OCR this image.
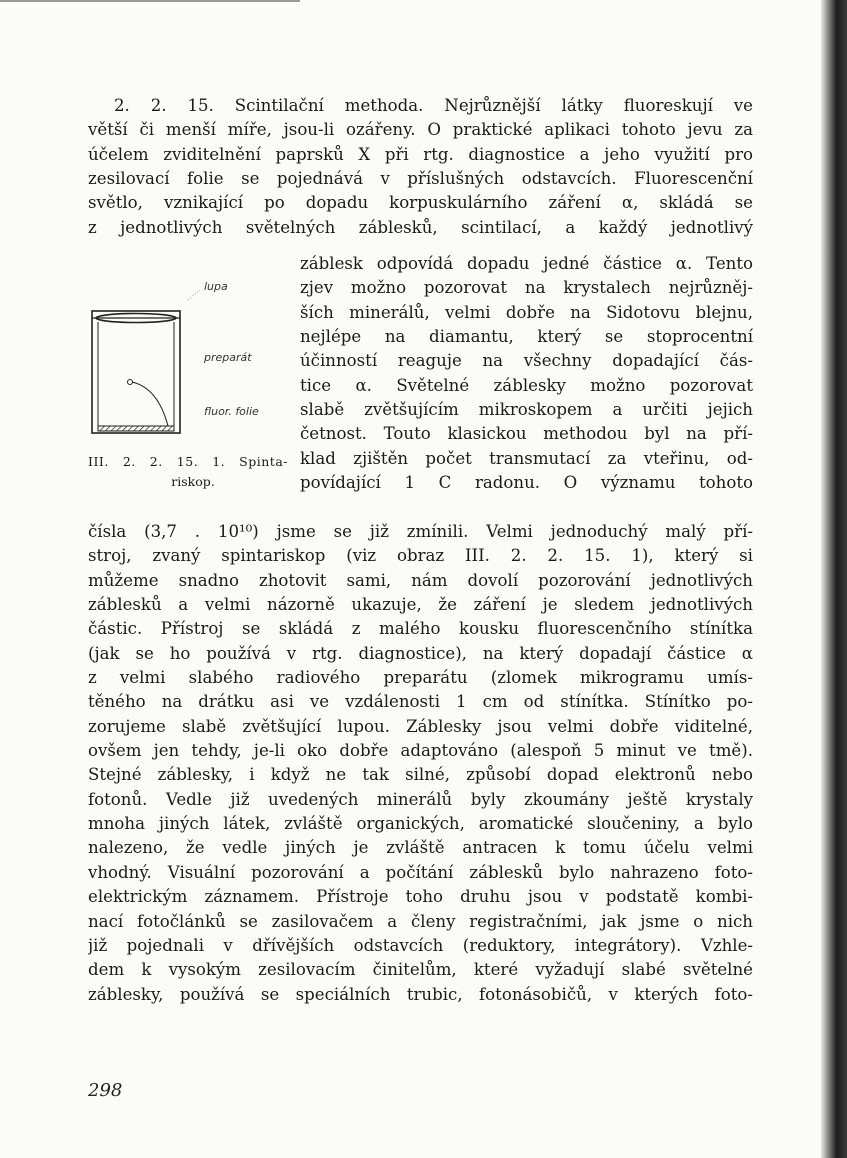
2. 2. 15. Scintilační methoda. Nejrůznější látky fluoreskují ve
větší či menší míře, jsou-li ozářeny. O praktické aplikaci tohoto jevu za
účelem zviditelnění paprsků X při rtg. diagnostice a jeho využití pro
zesilovací folie se pojednává v příslušných odstavcích. Fluorescenční
světlo, vznikající po dopadu korpuskulárního záření α, skládá se
z jednotlivých světelných záblesků, scintilací, a každý jednotlivý
záblesk odpovídá dopadu jedné částice α. Tento
zjev možno pozorovat na krystalech nejrůzněj-
ších minerálů, velmi dobře na Sidotovu blejnu,
nejlépe na diamantu, který se stoprocentní
účinností reaguje na všechny dopadající čás-
tice α. Světelné záblesky možno pozorovat
slabě zvětšujícím mikroskopem a určiti jejich
četnost. Touto klasickou methodou byl na pří-
klad zjištěn počet transmutací za vteřinu, od-
povídající 1 C radonu. O významu tohoto
lupa
preparát
fluor. folie
III. 2. 2. 15. 1. Spinta-
riskop.
čísla (3,7 . 10¹⁰) jsme se již zmínili. Velmi jednoduchý malý pří-
stroj, zvaný spintariskop (viz obraz III. 2. 2. 15. 1), který si
můžeme snadno zhotovit sami, nám dovolí pozorování jednotlivých
záblesků a velmi názorně ukazuje, že záření je sledem jednotlivých
částic. Přístroj se skládá z malého kousku fluorescenčního stínítka
(jak se ho používá v rtg. diagnostice), na který dopadají částice α
z velmi slabého radiového preparátu (zlomek mikrogramu umís-
těného na drátku asi ve vzdálenosti 1 cm od stínítka. Stínítko po-
zorujeme slabě zvětšující lupou. Záblesky jsou velmi dobře viditelné,
ovšem jen tehdy, je-li oko dobře adaptováno (alespoň 5 minut ve tmě).
Stejné záblesky, i když ne tak silné, způsobí dopad elektronů nebo
fotonů. Vedle již uvedených minerálů byly zkoumány ještě krystaly
mnoha jiných látek, zvláště organických, aromatické sloučeniny, a bylo
nalezeno, že vedle jiných je zvláště antracen k tomu účelu velmi
vhodný. Visuální pozorování a počítání záblesků bylo nahrazeno foto-
elektrickým záznamem. Přístroje toho druhu jsou v podstatě kombi-
nací fotočlánků se zasilovačem a členy registračními, jak jsme o nich
již pojednali v dřívějších odstavcích (reduktory, integrátory). Vzhle-
dem k vysokým zesilovacím činitelům, které vyžadují slabé světelné
záblesky, používá se speciálních trubic, fotonásobičů, v kterých foto-
298
